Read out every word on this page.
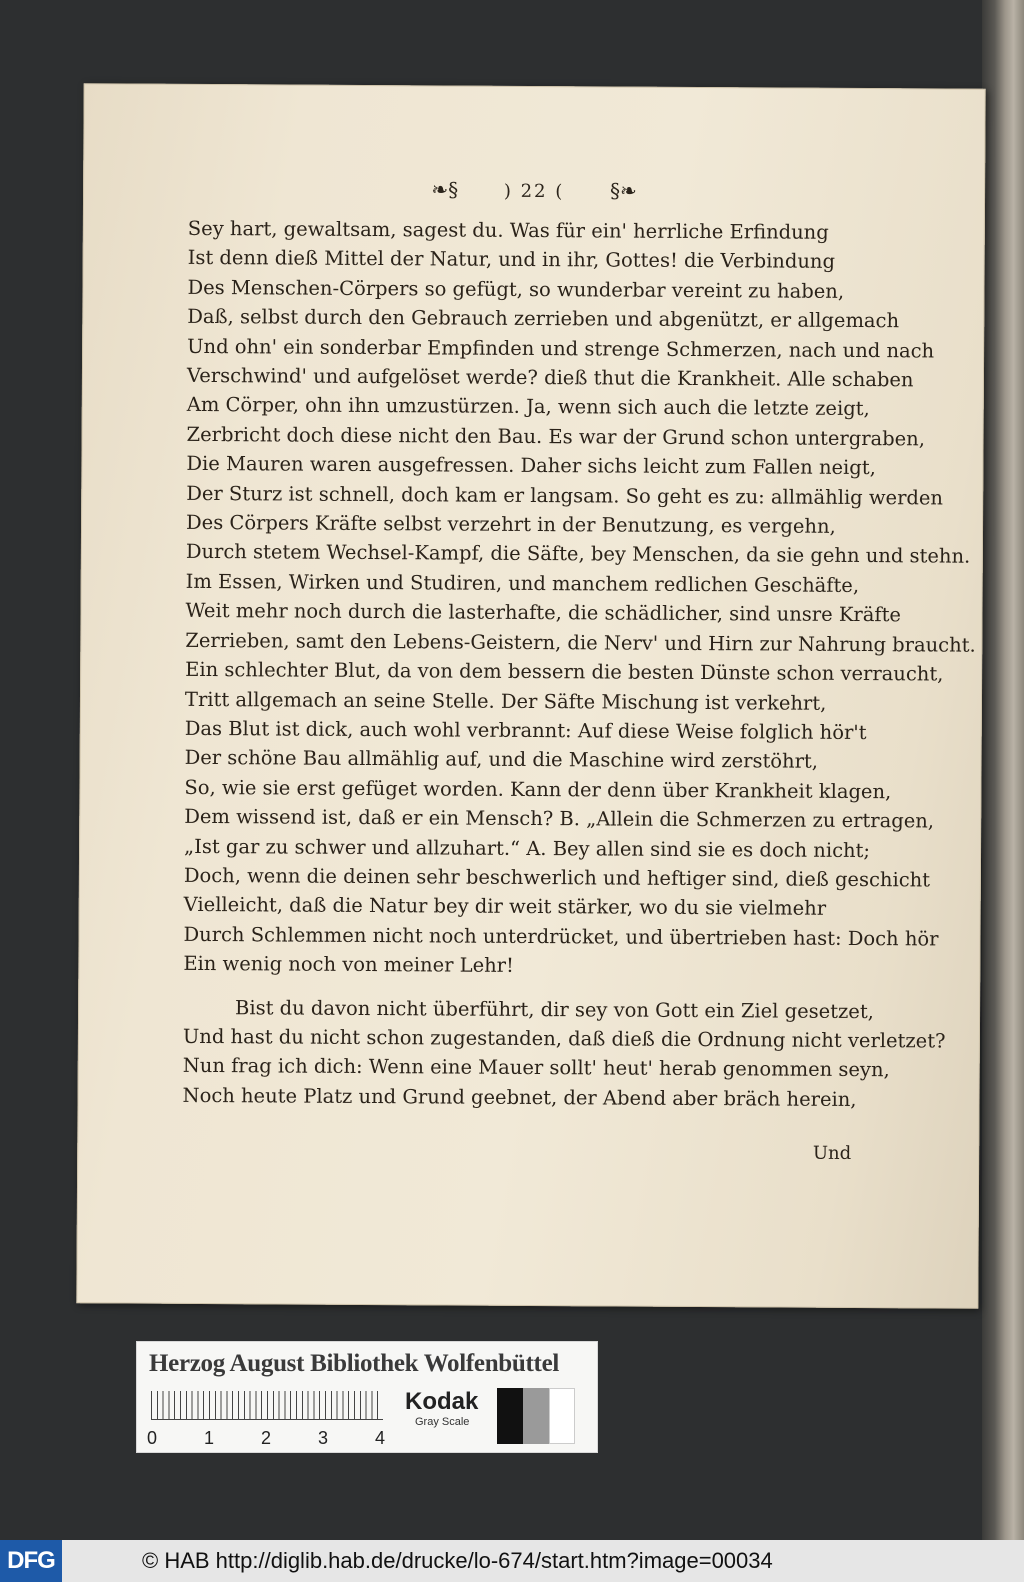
❧§	) 22 ( §❧
Sey hart, gewaltsam, sagest du. Was für ein' herrliche Erfindung
Ist denn dieß Mittel der Natur, und in ihr, Gottes! die Verbindung
Des Menschen-Cörpers so gefügt, so wunderbar vereint zu haben,
Daß, selbst durch den Gebrauch zerrieben und abgenützt, er allgemach
Und ohn' ein sonderbar Empfinden und strenge Schmerzen, nach und nach
Verschwind' und aufgelöset werde? dieß thut die Krankheit. Alle schaben
Am Cörper, ohn ihn umzustürzen. Ja, wenn sich auch die letzte zeigt,
Zerbricht doch diese nicht den Bau. Es war der Grund schon untergraben,
Die Mauren waren ausgefressen. Daher sichs leicht zum Fallen neigt,
Der Sturz ist schnell, doch kam er langsam. So geht es zu: allmählig werden
Des Cörpers Kräfte selbst verzehrt in der Benutzung, es vergehn,
Durch stetem Wechsel-Kampf, die Säfte, bey Menschen, da sie gehn und stehn.
Im Essen, Wirken und Studiren, und manchem redlichen Geschäfte,
Weit mehr noch durch die lasterhafte, die schädlicher, sind unsre Kräfte
Zerrieben, samt den Lebens-Geistern, die Nerv' und Hirn zur Nahrung braucht.
Ein schlechter Blut, da von dem bessern die besten Dünste schon verraucht,
Tritt allgemach an seine Stelle. Der Säfte Mischung ist verkehrt,
Das Blut ist dick, auch wohl verbrannt: Auf diese Weise folglich hör't
Der schöne Bau allmählig auf, und die Maschine wird zerstöhrt,
So, wie sie erst gefüget worden. Kann der denn über Krankheit klagen,
Dem wissend ist, daß er ein Mensch? B. „Allein die Schmerzen zu ertragen,
„Ist gar zu schwer und allzuhart.“ A. Bey allen sind sie es doch nicht;
Doch, wenn die deinen sehr beschwerlich und heftiger sind, dieß geschicht
Vielleicht, daß die Natur bey dir weit stärker, wo du sie vielmehr
Durch Schlemmen nicht noch unterdrücket, und übertrieben hast: Doch hör
Ein wenig noch von meiner Lehr!
Bist du davon nicht überführt, dir sey von Gott ein Ziel gesetzet,
Und hast du nicht schon zugestanden, daß dieß die Ordnung nicht verletzet?
Nun frag ich dich: Wenn eine Mauer sollt' heut' herab genommen seyn,
Noch heute Platz und Grund geebnet, der Abend aber bräch herein,
Und
Herzog August Bibliothek Wolfenbüttel
0	1	2	3	4
Kodak
Gray Scale
DFG	© HAB http://diglib.hab.de/drucke/lo-674/start.htm?image=00034
